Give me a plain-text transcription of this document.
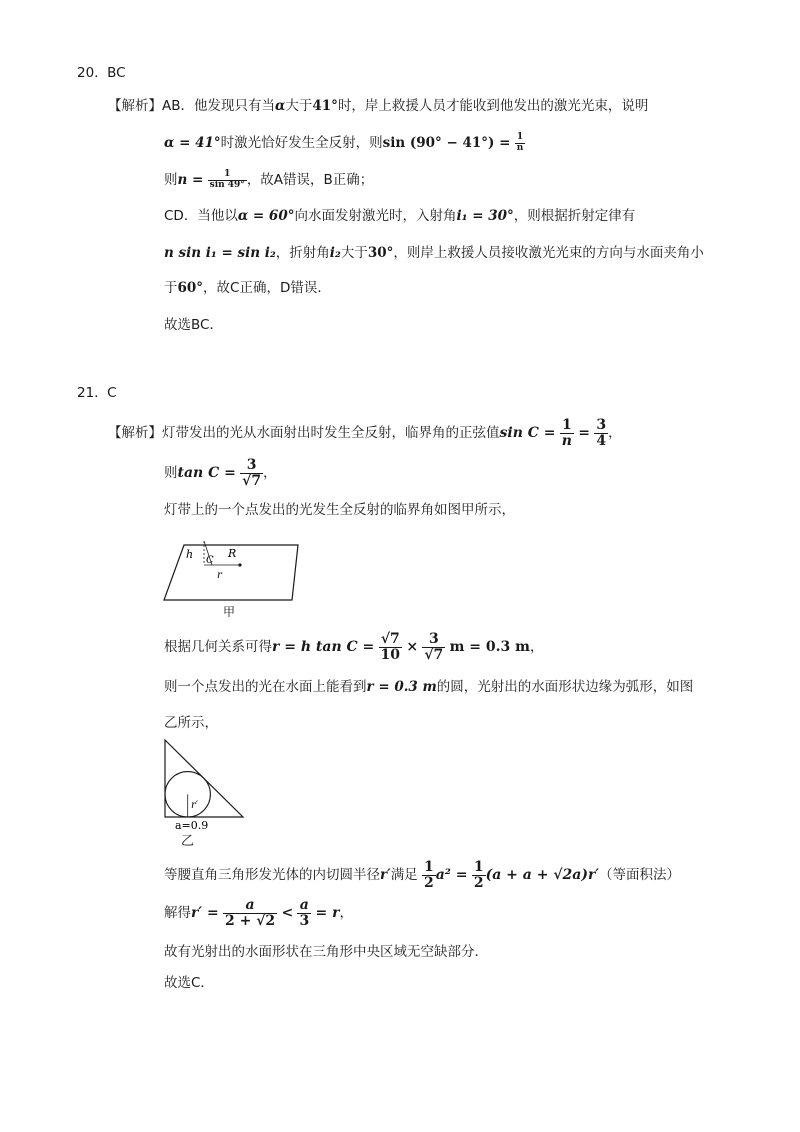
20. BC
【解析】AB．他发现只有当α大于41°时，岸上救援人员才能收到他发出的激光光束，说明
α = 41°时激光恰好发生全反射，则$\sin (90^\circ - 41^\circ) = \frac{1}{n}$
则$n = \frac{1}{\sin 49^\circ}$ ，故A错误，B正确；
CD．当他以α = 60°向水面发射激光时，入射角i₁ = 30°，则根据折射定律有
n sin i₁ = sin i₂，折射角i₂大于30°，则岸上救援人员接收激光光束的方向与水面夹角小
于60°，故C正确，D错误．
故选BC．
21. C
【解析】灯带发出的光从水面射出时发生全反射，临界角的正弦值$\sin C = \frac{1}{n} = \frac{3}{4}$ ，
则$\tan C = \frac{3}{√7}$ ，
灯带上的一个点发出的光发生全反射的临界角如图甲所示，
h C
R
r
甲
根据几何关系可得r = h $\tan C = \frac{√7}{10} \times \frac{3}{√7}$ m = 0.3 m，
则一个点发出的光在水面上能看到r = 0.3 m的圆，光射出的水面形状边缘为弧形，如图
乙所示，
r′
a=0.9
乙
等腰直角三角形发光体的内切圆半径r′满足 $\frac{1}{2} a^2 = \frac{1}{2} (a + a + √2a)r'$（等面积法）
解得$r' = \frac{a}{2 + √2} < \frac{a}{3} = r$，
故有光射出的水面形状在三角形中央区域无空缺部分．
故选C．
